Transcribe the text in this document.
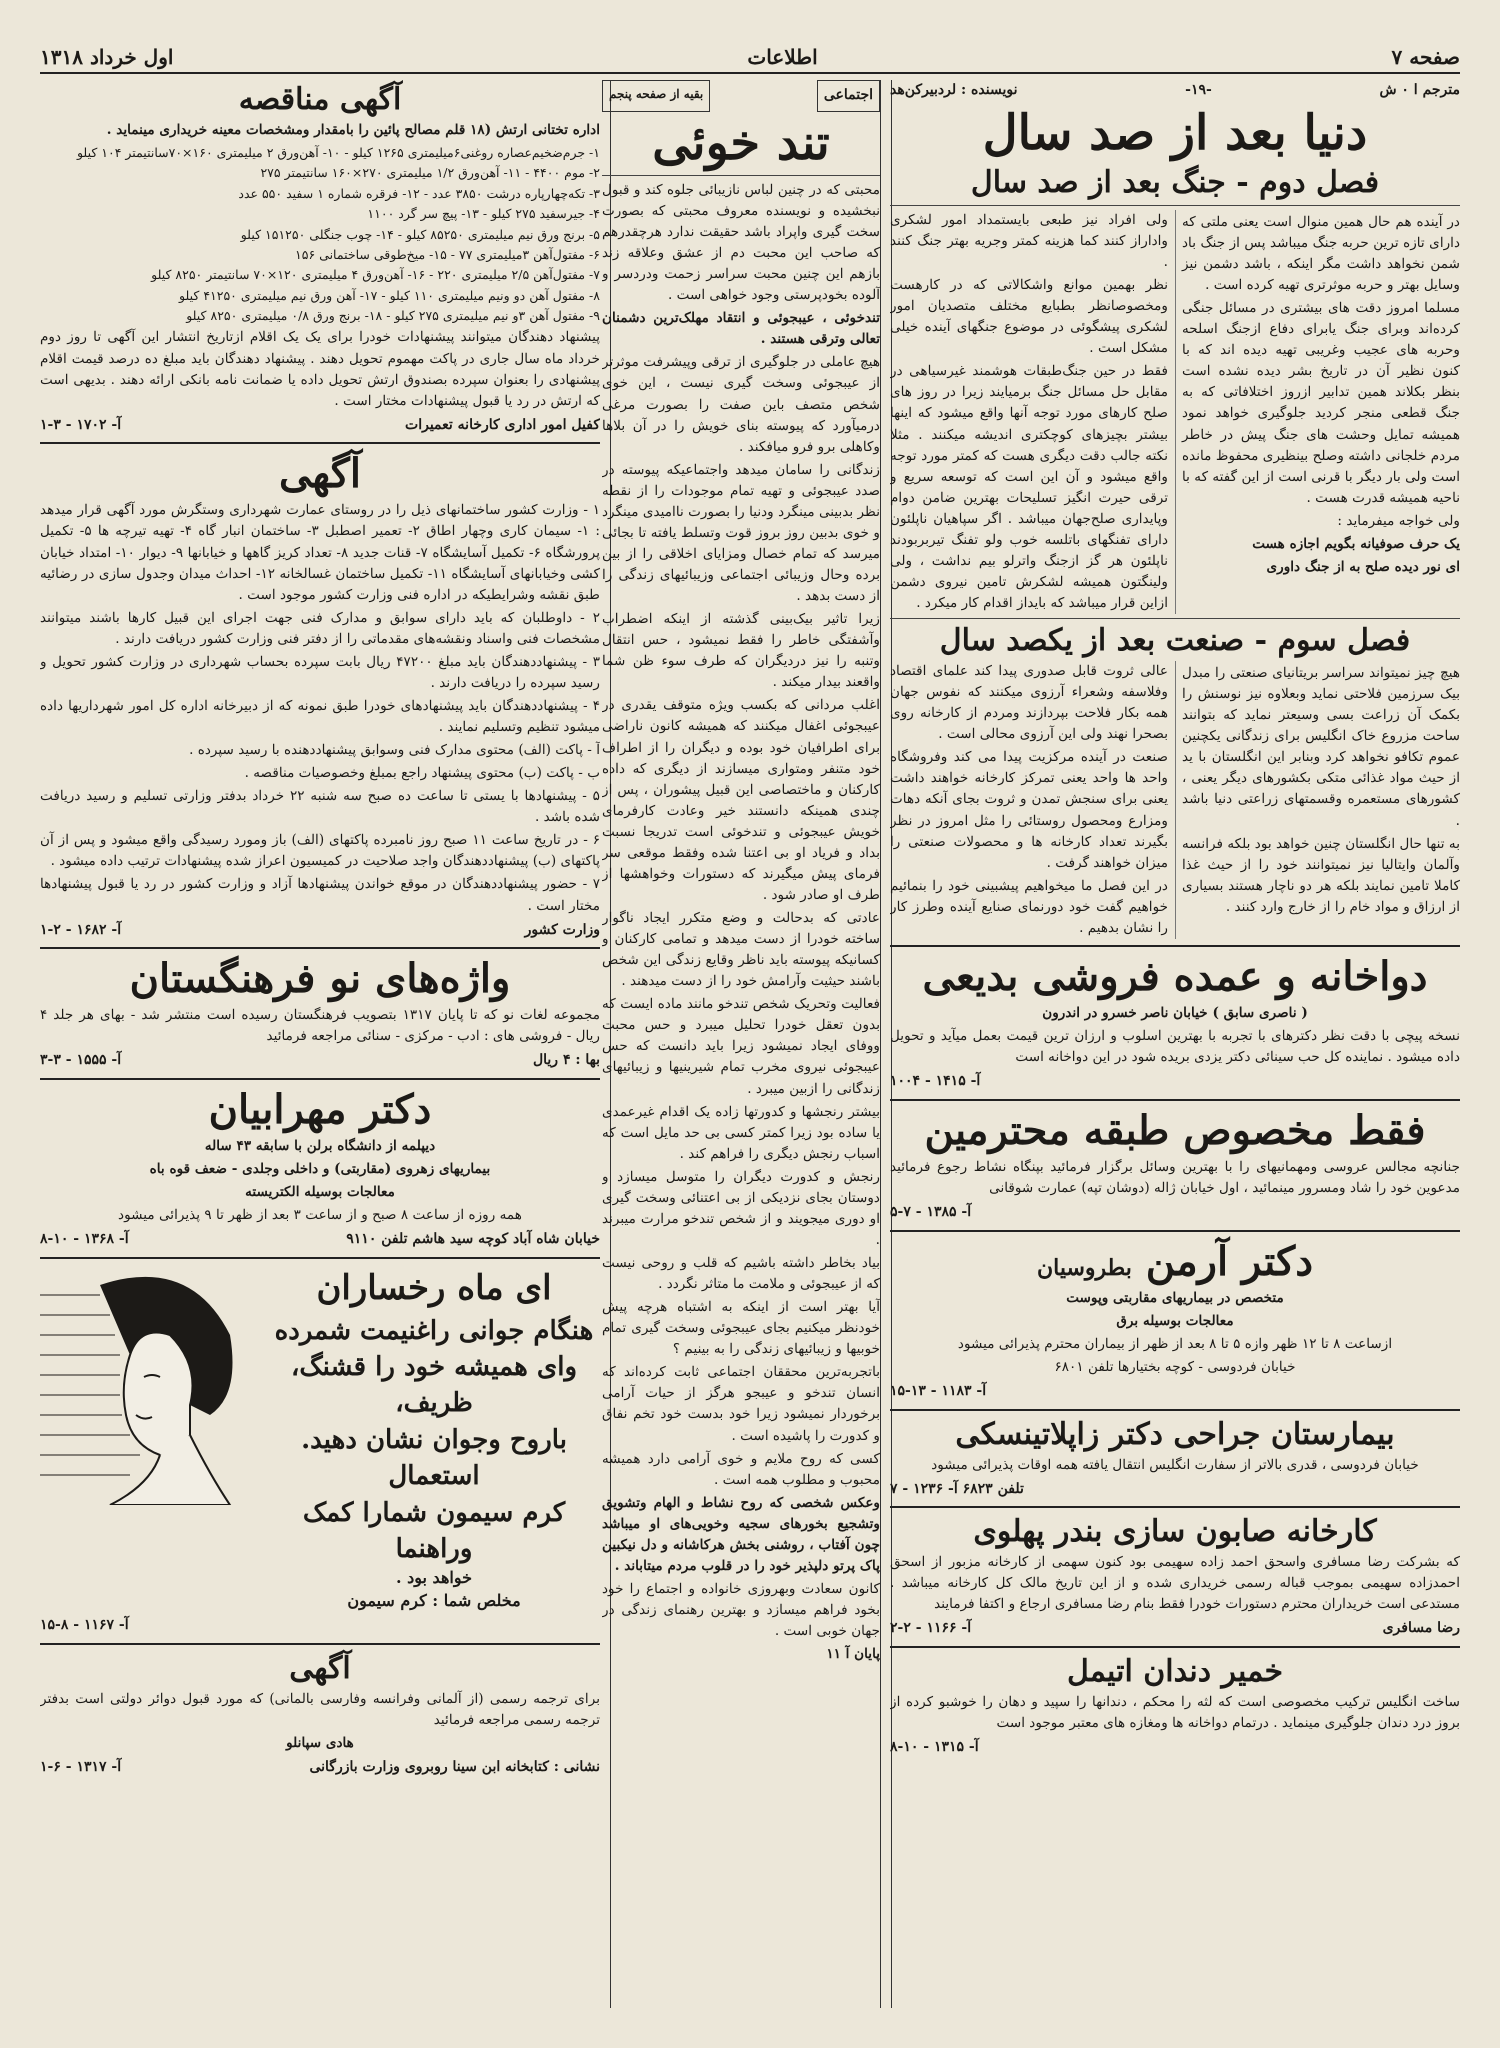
صفحه ۷
اطلاعات
اول خرداد ۱۳۱۸
مترجم ا ۰ ش
-۱۹-
نویسنده : لردبیرکن‌هد
دنیا بعد از صد سال
فصل دوم - جنگ بعد از صد سال

در آینده هم حال همین منوال است یعنی ملتی که دارای تازه ترین حربه جنگ میباشد پس از جنگ باد شمن نخواهد داشت مگر اینکه ، باشد دشمن نیز وسایل بهتر و حربه موثرتری تهیه کرده است .

مسلما امروز دقت های بیشتری در مسائل جنگی کرده‌اند وبرای جنگ یابرای دفاع ازجنگ اسلحه وحربه های عجیب وغریبی تهیه دیده اند که با کنون نظیر آن در تاریخ بشر دیده نشده است بنظر بکلاند همین تدابیر ازروز اختلافاتی که به جنگ قطعی منجر کردید جلوگیری خواهد نمود همیشه تمایل وحشت های جنگ پیش در خاطر مردم خلجانی داشته وصلح بینظیری محفوظ مانده است ولی بار دیگر با قرنی است از این گفته که با ناحیه همیشه قدرت هست .

ولی خواجه میفرماید :

یک حرف صوفیانه بگویم اجازه هست

ای نور دیده صلح به از جنگ داوری

ولی افراد نیز طبعی بایستمداد امور لشکری واداراز کنند کما هزینه کمتر وجریه بهتر جنگ کنند .

نظر بهمین موانع واشکالاتی که در کارهست ومخصوصانظر بطبایع مختلف متصدیان امور لشکری پیشگوئی در موضوع جنگهای آینده خیلی مشکل است .

فقط در حین جنگ‌طبقات هوشمند غیرسیاهی در مقابل حل مسائل جنگ برمیایند زیرا در روز های صلح کارهای مورد توجه آنها واقع میشود که اینها بیشتر بچیزهای کوچکتری اندیشه میکنند . مثلا نکته جالب دقت دیگری هست که کمتر مورد توجه واقع میشود و آن این است که توسعه سریع و ترقی حیرت انگیز تسلیحات بهترین ضامن دوام وپایداری صلح‌جهان میباشد . اگر سپاهیان ناپلئون دارای تفنگهای باتلسه خوب ولو تفنگ تیربربودند ناپلئون هر گز ازجنگ واترلو بیم نداشت ، ولی ولینگتون همیشه لشکرش تامین نیروی دشمن ازاین قرار میباشد که بایداز اقدام کار میکرد .

فصل سوم - صنعت بعد از یکصد سال

هیچ چیز نمیتواند سراسر بریتانیای صنعتی را مبدل بیک سرزمین فلاحتی نماید وبعلاوه نیز نوسنش را بکمک آن زراعت بسی وسیعتر نماید که بتوانند ساحت مزروع خاک انگلیس برای زندگانی یکچنین عموم تکافو نخواهد کرد وبنابر این انگلستان با ید از حیث مواد غذائی متکی بکشورهای دیگر یعنی ، کشورهای مستعمره وقسمتهای زراعتی دنیا باشد .

به تنها حال انگلستان چنین خواهد بود بلکه فرانسه وآلمان وایتالیا نیز نمیتوانند خود را از حیث غذا کاملا تامین نمایند بلکه هر دو ناچار هستند بسیاری از ارزاق و مواد خام را از خارج وارد کنند .

عالی ثروت قابل صدوری پیدا کند علمای اقتصاد وفلاسفه وشعراء آرزوی میکنند که نفوس جهان همه بکار فلاحت بپردازند ومردم از کارخانه روی بصحرا نهند ولی این آرزوی محالی است .

صنعت در آینده مرکزیت پیدا می کند وفروشگاه واحد ها واحد یعنی تمرکز کارخانه خواهند داشت یعنی برای سنجش تمدن و ثروت بجای آنکه دهات ومزارع ومحصول روستائی را مثل امروز در نظر بگیرند تعداد کارخانه ها و محصولات صنعتی را میزان خواهند گرفت .

در این فصل ما میخواهیم پیشبینی خود را بنمائیم خواهیم گفت خود دورنمای صنایع آینده وطرز کار را نشان بدهیم .

دواخانه و عمده فروشی بدیعی

( ناصری سابق ) خیابان ناصر خسرو در اندرون

نسخه پیچی با دقت نظر دکترهای با تجربه با بهترین اسلوب و ارزان ترین قیمت بعمل میآید و تحویل داده میشود . نماینده کل حب سینائی دکتر یزدی بریده شود در این دواخانه است

آ- ۱۴۱۵ - ۱۰۰۴
فقط مخصوص طبقه محترمین

جنانچه مجالس عروسی ومهمانیهای را با بهترین وسائل برگزار فرمائید بپنگاه نشاط رجوع فرمائید مدعوین خود را شاد ومسرور مینمائید ، اول خیابان ژاله (دوشان تپه) عمارت شوقانی

آ- ۱۳۸۵ - ۷-۵
دکتر آرمن بطروسیان

متخصص در بیماریهای مقاربتی وپوست

معالجات بوسیله برق

ازساعت ۸ تا ۱۲ ظهر وازه ۵ تا ۸ بعد از ظهر از بیماران محترم پذیرائی میشود

خیابان فردوسی - کوچه بختیارها تلفن ۶۸۰۱

آ- ۱۱۸۳ - ۱۳-۱۵
بیمارستان جراحی دکتر زاپلاتینسکی

خیابان فردوسی ، قدری بالاتر از سفارت انگلیس انتقال یافته همه اوقات پذیرائی میشود

تلفن ۶۸۲۳ آ- ۱۲۳۶ - ۷
کارخانه صابون سازی بندر پهلوی

که بشرکت رضا مسافری واسحق احمد زاده سهیمی بود کنون سهمی از کارخانه مزبور از اسحق احمدزاده سهیمی بموجب قباله رسمی خریداری شده و از این تاریخ مالک کل کارخانه میباشد . مستدعی است خریداران محترم دستورات خودرا فقط بنام رضا مسافری ارجاع و اکتفا فرمایند

رضا مسافری
آ- ۱۱۶۶ - ۲-۲
خمیر دندان اتیمل

ساخت انگلیس ترکیب مخصوصی است که لثه را محکم ، دندانها را سپید و دهان را خوشبو کرده از بروز درد دندان جلوگیری مینماید . درتمام دواخانه ها ومغازه های معتبر موجود است

آ- ۱۳۱۵ - ۱۰-۸
اجتماعی
بقیه از صفحه پنجم
تند خوئی

محبتی که در چنین لباس نازیبائی جلوه کند و قبول نبخشیده و نویسنده معروف محبتی که بصورت سخت گیری واپراد باشد حقیقت ندارد هرچقدرهم که صاحب این محبت دم از عشق وعلاقه زند بازهم این چنین محبت سراسر زحمت ودردسر و آلوده بخودپرستی وجود خواهی است .

تندخوئی ، عیبجوئی و انتقاد مهلک‌ترین دشمنان تعالی وترقی هستند .

هیچ عاملی در جلوگیری از ترقی وپیشرفت موثرتر از عیبجوئی وسخت گیری نیست ، این خوی شخص متصف باین صفت را بصورت مرغی درمیآورد که پیوسته بنای خویش را در آن بلاها وکاهلی برو فرو میافکند .

زندگانی را سامان میدهد واجتماعیکه پیوسته در صدد عیبجوئی و تهیه تمام موجودات را از نقطه نظر بدبینی مینگرد ودنیا را بصورت ناامیدی مینگرد و خوی بدبین روز بروز قوت وتسلط یافته تا بجائی میرسد که تمام خصال ومزایای اخلاقی را از بین برده وحال وزیبائی اجتماعی وزیبائیهای زندگی را از دست بدهد .

زیرا تاثیر بیک‌بینی گذشته از اینکه اضطراب وآشفتگی خاطر را فقط نمیشود ، حس انتقال وتنبه را نیز دردیگران که طرف سوء ظن شما واقعند بیدار میکند .

اغلب مردانی که بکسب ویژه متوقف یقدری در عیبجوئی اغفال میکنند که همیشه کانون ناراضی برای اطرافیان خود بوده و دیگران را از اطراف خود متنفر ومتواری میسازند از دیگری که داده کارکنان و ماختصاصی این قبیل پیشوران ، پس از چندی همینکه دانستند خیر وعادت کارفرمای خویش عیبجوئی و تندخوئی است تدریجا نسبت بداد و فریاد او بی اعتنا شده وفقط موقعی سر فرمای پیش میگیرند که دستورات وخواهشها از طرف او صادر شود .

عادتی که بدحالت و وضع متکرر ایجاد ناگوار ساخته خودرا از دست میدهد و تمامی کارکنان و کسانیکه پیوسته باید ناظر وقایع زندگی این شخص باشند حیثیت وآرامش خود را از دست میدهند .

فعالیت وتحریک شخص تندخو مانند ماده ایست که بدون تعقل خودرا تحلیل میبرد و حس محبت ووفای ایجاد نمیشود زیرا باید دانست که حس عیبجوئی نیروی مخرب تمام شیرینیها و زیبائیهای زندگانی را ازبین میبرد .

بیشتر رنجشها و کدورتها زاده یک اقدام غیرعمدی یا ساده بود زیرا کمتر کسی بی حد مایل است که اسباب رنجش دیگری را فراهم کند .

رنجش و کدورت دیگران را متوسل میسازد و دوستان بجای نزدیکی از بی اعتنائی وسخت گیری او دوری میجویند و از شخص تندخو مرارت میبرند .

بیاد بخاطر داشته باشیم که قلب و روحی نیست که از عیبجوئی و ملامت ما متاثر نگردد .

آیا بهتر است از اینکه به اشتباه هرچه پیش خودنظر میکنیم بجای عیبجوئی وسخت گیری تمام خوبیها و زیبائیهای زندگی را به بینیم ؟

باتجربه‌ترین محققان اجتماعی ثابت کرده‌اند که انسان تندخو و عیبجو هرگز از حیات آرامی برخوردار نمیشود زیرا خود بدست خود تخم نفاق و کدورت را پاشیده است .

کسی که روح ملایم و خوی آرامی دارد همیشه محبوب و مطلوب همه است .

وعکس شخصی که روح نشاط و الهام وتشویق وتشجیع بخورهای سجیه وخویی‌های او میباشد چون آفتاب ، روشنی بخش هرکاشانه و دل نیکبین پاک پرتو دلپذیر خود را در قلوب مردم میتاباند .

کانون سعادت وبهروزی خانواده و اجتماع را خود بخود فراهم میسازد و بهترین رهنمای زندگی در جهان خوبی است .

پایان آ ۱۱

آگهی مناقصه

اداره تختانی ارتش (۱۸ قلم مصالح پائین را بامقدار ومشخصات معینه خریداری مینماید .

۱- جرم‌ضخیم‌عصاره روغنی‌۶میلیمتری ۱۲۶۵ کیلو - ۱۰- آهن‌ورق ۲ میلیمتری ۱۶۰×۷۰سانتیمتر ۱۰۴ کیلو

۲- موم ۴۴۰۰ - ۱۱- آهن‌ورق ۱/۲ میلیمتری ۲۷۰×۱۶۰ سانتیمتر ۲۷۵

۳- تکه‌چهارپاره درشت ۳۸۵۰ عدد - ۱۲- فرقره شماره ۱ سفید ۵۵۰ عدد

۴- جیرسفید ۲۷۵ کیلو - ۱۳- پیچ سر گرد ۱۱۰۰

۵- برنج ورق نیم میلیمتری ۸۵۲۵۰ کیلو - ۱۴- چوب جنگلی ۱۵۱۲۵۰ کیلو

۶- مفتول‌آهن ۳میلیمتری ۷۷ - ۱۵- میخ‌طوقی ساختمانی ۱۵۶

۷- مفتول‌آهن ۲/۵ میلیمتری ۲۲۰ - ۱۶- آهن‌ورق ۴ میلیمتری ۱۲۰×۷۰ سانتیمتر ۸۲۵۰ کیلو

۸- مفتول آهن دو ونیم میلیمتری ۱۱۰ کیلو - ۱۷- آهن ورق نیم میلیمتری ۴۱۲۵۰ کیلو

۹- مفتول آهن ۳و نیم میلیمتری ۲۷۵ کیلو - ۱۸- برنج ورق ۰/۸ میلیمتری ۸۲۵۰ کیلو

پیشنهاد دهندگان میتوانند پیشنهادات خودرا برای یک یک اقلام ازتاریخ انتشار این آگهی تا روز دوم خرداد ماه سال جاری در پاکت مهموم تحویل دهند . پیشنهاد دهندگان باید مبلغ ده درصد قیمت اقلام پیشنهادی را بعنوان سپرده بصندوق ارتش تحویل داده یا ضمانت نامه بانکی ارائه دهند . بدیهی است که ارتش در رد یا قبول پیشنهادات مختار است .

کفیل امور اداری کارخانه تعمیرات
آ- ۱۷۰۲ - ۳-۱
آگهی

۱ - وزارت کشور ساختمانهای ذیل را در روستای عمارت شهرداری وستگرش مورد آگهی قرار میدهد : ۱- سیمان کاری وچهار اطاق ۲- تعمیر اصطبل ۳- ساختمان انبار گاه ۴- تهیه تیرچه ها ۵- تکمیل پرورشگاه ۶- تکمیل آسایشگاه ۷- قنات جدید ۸- تعداد کریز گاهها و خیابانها ۹- دیوار ۱۰- امتداد خیابان کشی وخیابانهای آسایشگاه ۱۱- تکمیل ساختمان غسالخانه ۱۲- احداث میدان وجدول سازی در رضائیه طبق نقشه وشرایطیکه در اداره فنی وزارت کشور موجود است .

۲ - داوطلبان که باید دارای سوابق و مدارک فنی جهت اجرای این قبیل کارها باشند میتوانند مشخصات فنی واسناد ونقشه‌های مقدماتی را از دفتر فنی وزارت کشور دریافت دارند .

۳ - پیشنهاددهندگان باید مبلغ ۴۷۲۰۰ ریال بابت سپرده بحساب شهرداری در وزارت کشور تحویل و رسید سپرده را دریافت دارند .

۴ - پیشنهاددهندگان باید پیشنهادهای خودرا طبق نمونه که از دبیرخانه اداره کل امور شهرداریها داده میشود تنظیم وتسلیم نمایند .

آ - پاکت (الف) محتوی مدارک فنی وسوابق پیشنهاددهنده با رسید سپرده .

ب - پاکت (ب) محتوی پیشنهاد راجع بمبلغ وخصوصیات مناقصه .

۵ - پیشنهادها با یستی تا ساعت ده صبح سه شنبه ۲۲ خرداد بدفتر وزارتی تسلیم و رسید دریافت شده باشد .

۶ - در تاریخ ساعت ۱۱ صبح روز نامبرده پاکتهای (الف) باز ومورد رسیدگی واقع میشود و پس از آن پاکتهای (ب) پیشنهاددهندگان واجد صلاحیت در کمیسیون اعراز شده پیشنهادات ترتیب داده میشود .

۷ - حضور پیشنهاددهندگان در موقع خواندن پیشنهادها آزاد و وزارت کشور در رد یا قبول پیشنهادها مختار است .

وزارت کشور
آ- ۱۶۸۲ - ۲-۱
واژه‌های نو فرهنگستان

مجموعه لغات نو که تا پایان ۱۳۱۷ بتصویب فرهنگستان رسیده است منتشر شد - بهای هر جلد ۴ ریال - فروشی های : ادب - مرکزی - سنائی مراجعه فرمائید

بها : ۴ ریال
آ- ۱۵۵۵ - ۳-۳
دکتر مهرابیان

دیپلمه از دانشگاه برلن با سابقه ۴۳ ساله

بیماریهای زهروی (مقاربتی) و داخلی وجلدی - ضعف قوه باه

معالجات بوسیله الکتریسته

همه روزه از ساعت ۸ صبح و از ساعت ۳ بعد از ظهر تا ۹ پذیرائی میشود

خیابان شاه آباد کوچه سید هاشم تلفن ۹۱۱۰
آ- ۱۳۶۸ - ۱۰-۸
ای ماه رخساران
هنگام جوانی راغنیمت شمرده
وای همیشه خود را قشنگ، ظریف،
باروح وجوان نشان دهید. استعمال
کرم سیمون شمارا کمک وراهنما
خواهد بود .
مخلص شما : کرم سیمون
آ- ۱۱۶۷ - ۸-۱۵
آگهی

برای ترجمه رسمی (از آلمانی وفرانسه وفارسی بالمانی) که مورد قبول دوائر دولتی است بدفتر ترجمه رسمی مراجعه فرمائید

هادی سپانلو

نشانی : کتابخانه ابن سینا روبروی وزارت بازرگانی
آ- ۱۳۱۷ - ۶-۱
